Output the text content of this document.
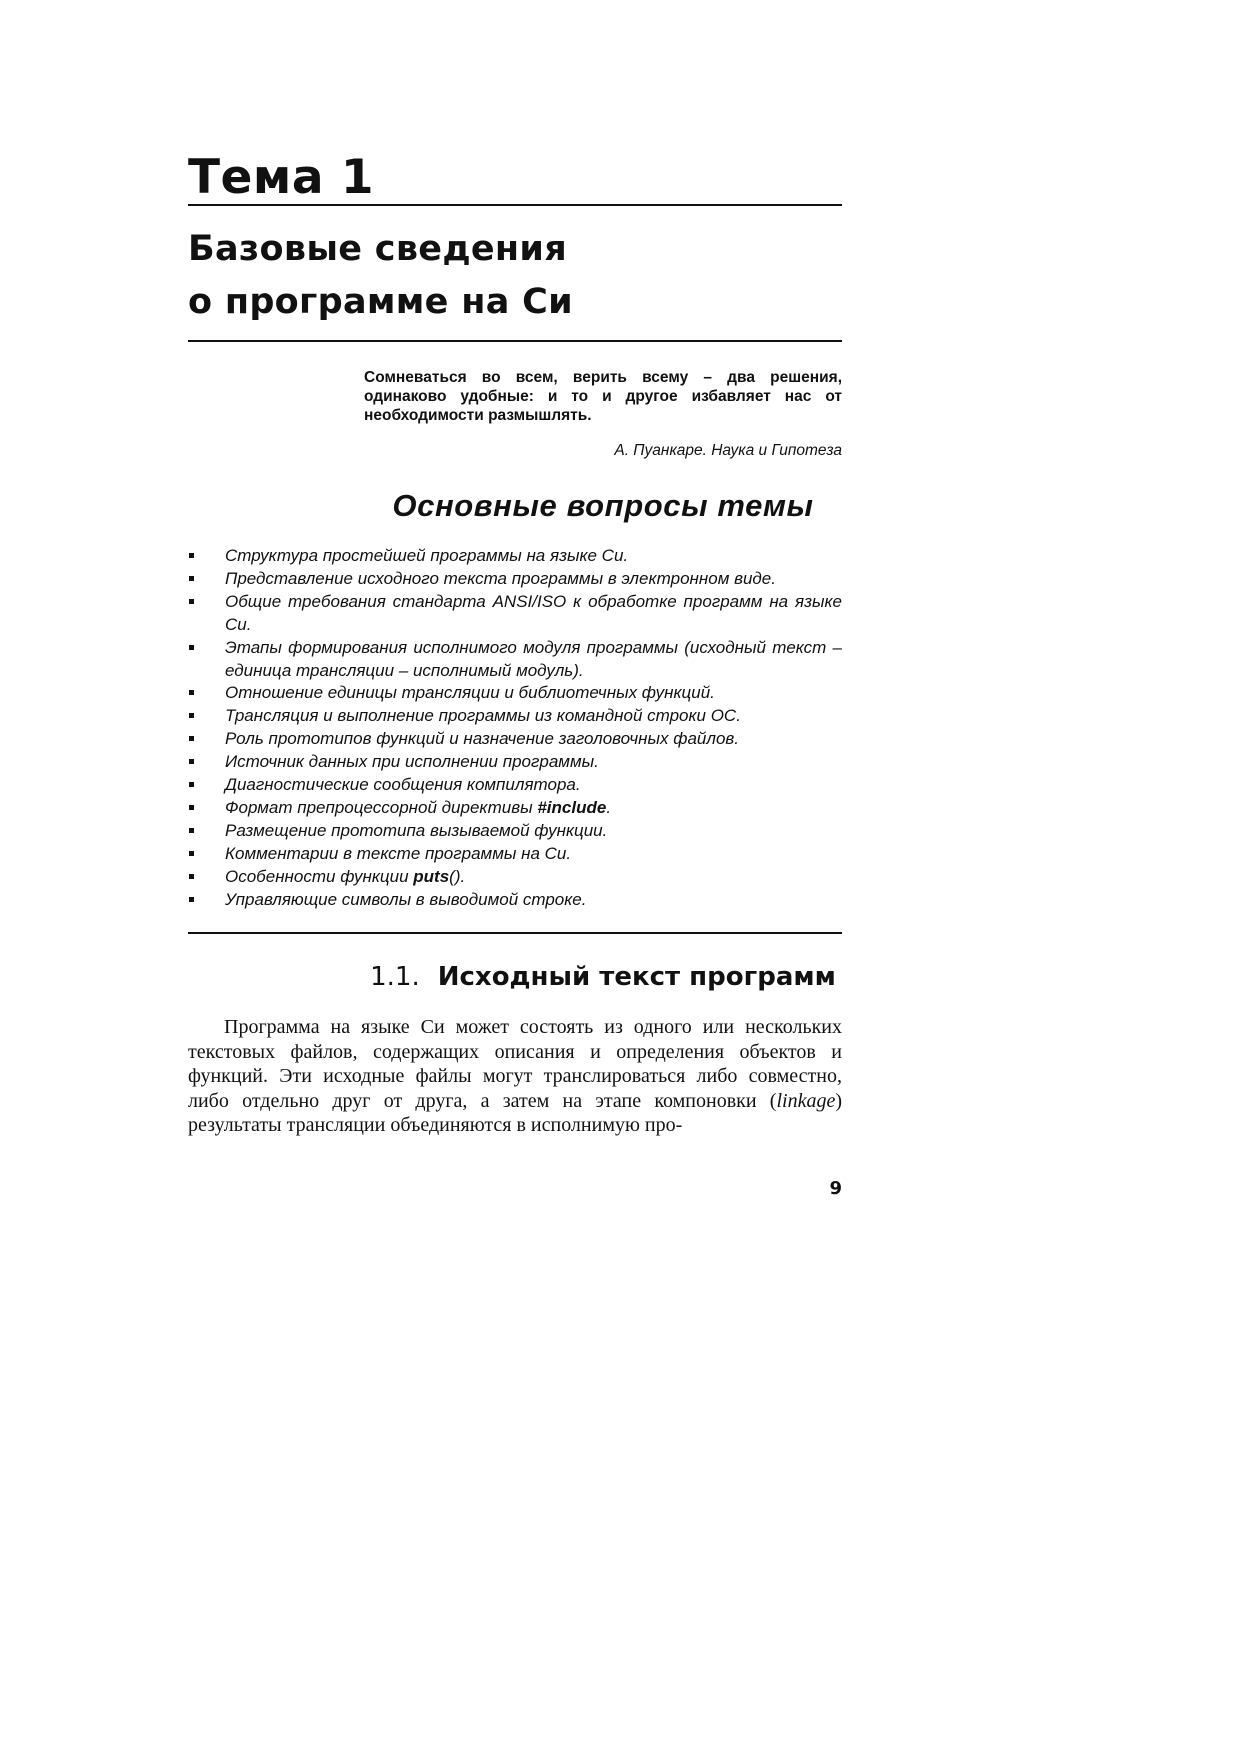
Тема 1
Базовые сведения
о программе на Си

Сомневаться во всем, верить всему – два решения, одинаково удобные: и то и другое избавляет нас от необходимости размышлять.

А. Пуанкаре. Наука и Гипотеза

Основные вопросы темы
Структура простейшей программы на языке Си.
Представление исходного текста программы в электронном виде.
Общие требования стандарта ANSI/ISO к обработке программ на языке Си.
Этапы формирования исполнимого модуля программы (исходный текст – единица трансляции – исполнимый модуль).
Отношение единицы трансляции и библиотечных функций.
Трансляция и выполнение программы из командной строки ОС.
Роль прототипов функций и назначение заголовочных файлов.
Источник данных при исполнении программы.
Диагностические сообщения компилятора.
Формат препроцессорной директивы #include.
Размещение прототипа вызываемой функции.
Комментарии в тексте программы на Си.
Особенности функции puts().
Управляющие символы в выводимой строке.
1.1. Исходный текст программ

Программа на языке Си может состоять из одного или нескольких текстовых файлов, содержащих описания и определения объектов и функций. Эти исходные файлы могут транслироваться либо совместно, либо отдельно друг от друга, а затем на этапе компоновки (linkage) результаты трансляции объединяются в исполнимую про-

9
